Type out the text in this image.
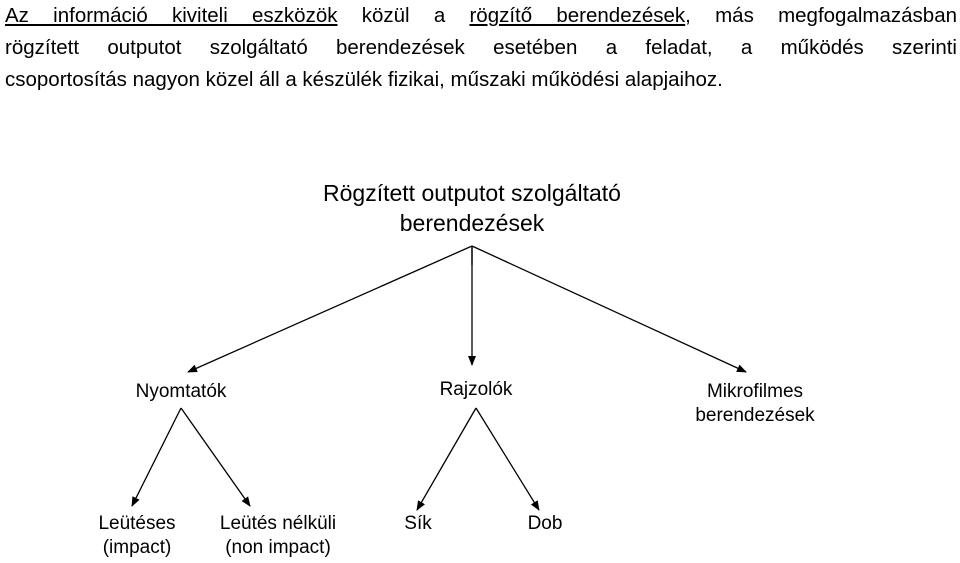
Az információ kiviteli eszközök közül a rögzítő berendezések, más megfogalmazásban
rögzített outputot szolgáltató berendezések esetében a feladat, a működés szerinti
csoportosítás nagyon közel áll a készülék fizikai, műszaki működési alapjaihoz.
Rögzített outputot szolgáltató
berendezések
Nyomtatók	Rajzolók	Mikrofilmes
berendezések
Leütéses
(impact)
Leütés nélküli
(non impact)
Sík	Dob
